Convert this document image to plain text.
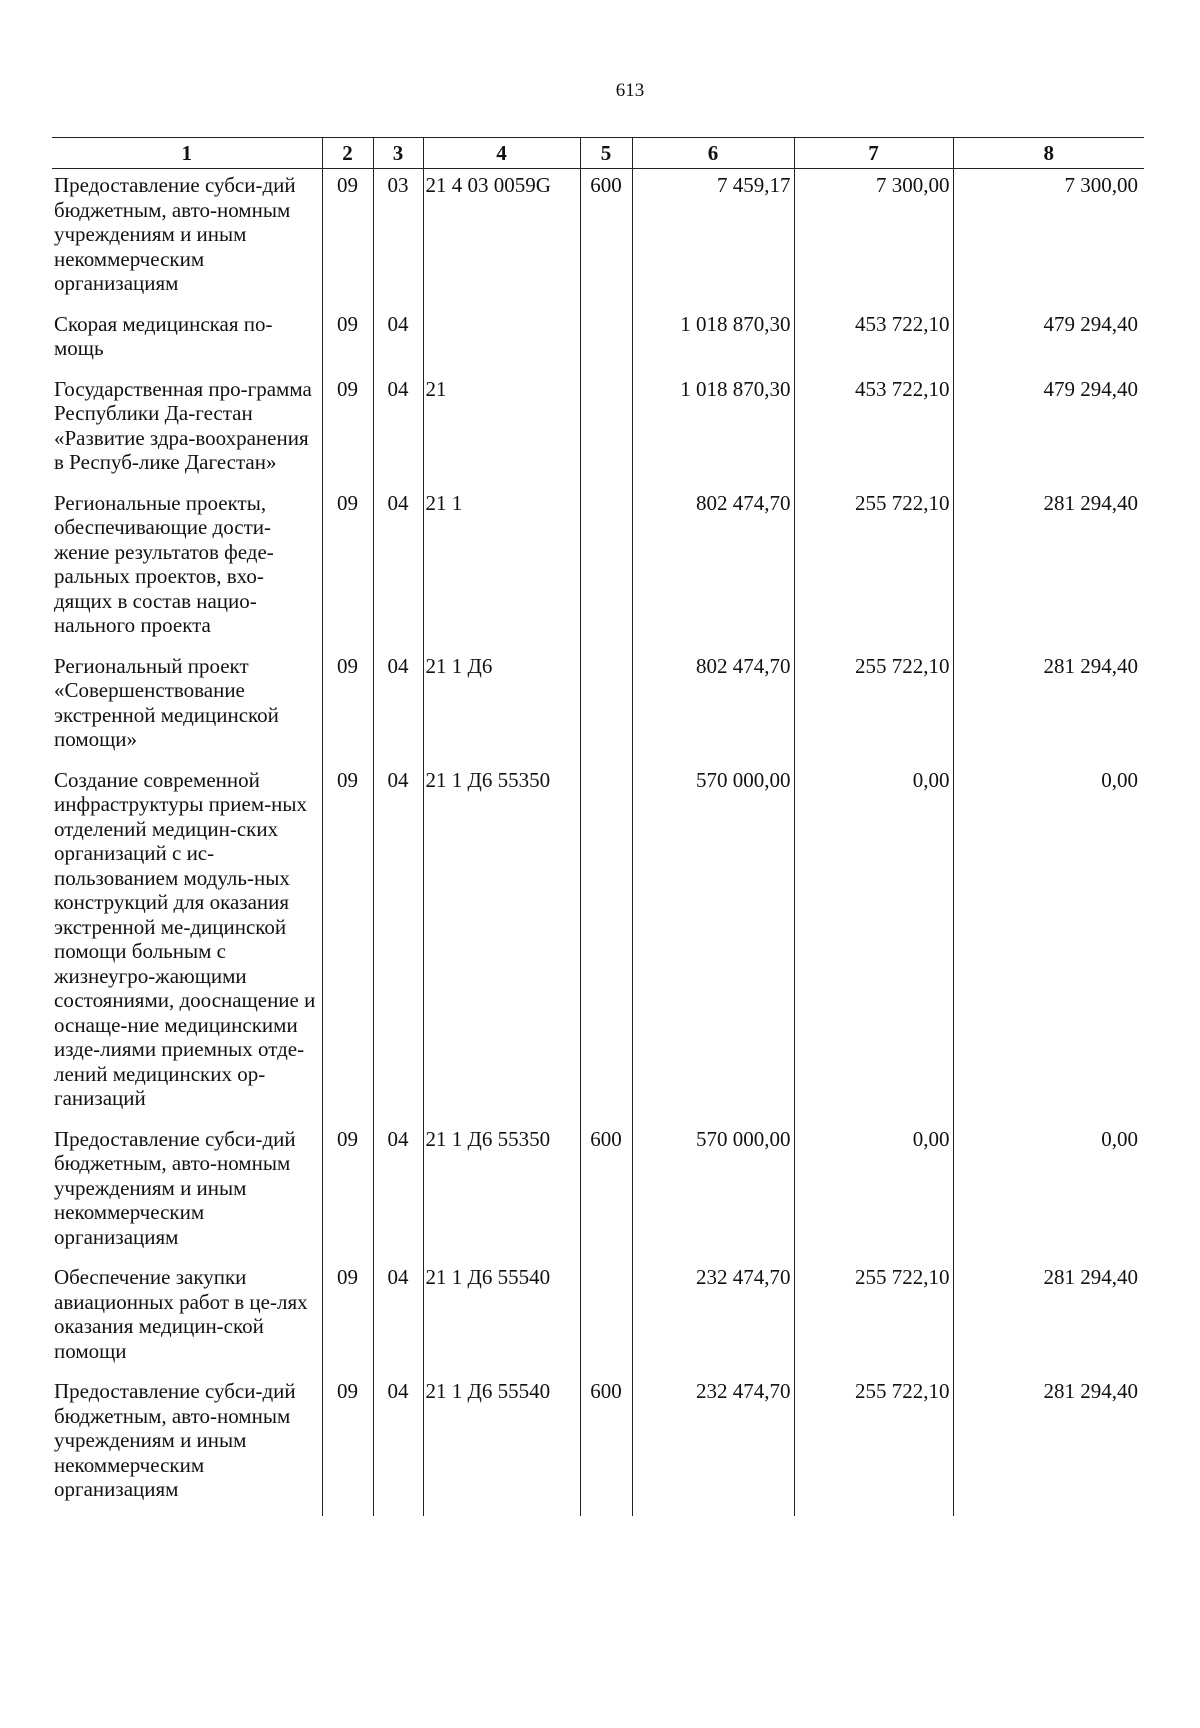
613
1	2	3	4	5	6	7	8
Предоставление субси-дий бюджетным, авто-номным учреждениям и иным некоммерческим организациям	09	03	21 4 03 0059G	600	7 459,17	7 300,00	7 300,00
Скорая медицинская по-мощь	09	04			1 018 870,30	453 722,10	479 294,40
Государственная про-грамма Республики Да-гестан «Развитие здра-воохранения в Респуб-лике Дагестан»	09	04	21		1 018 870,30	453 722,10	479 294,40
Региональные проекты, обеспечивающие дости-жение результатов феде-ральных проектов, вхо-дящих в состав нацио-нального проекта	09	04	21 1		802 474,70	255 722,10	281 294,40
Региональный проект «Совершенствование экстренной медицинской помощи»	09	04	21 1 Д6		802 474,70	255 722,10	281 294,40
Создание современной инфраструктуры прием-ных отделений медицин-ских организаций с ис-пользованием модуль-ных конструкций для оказания экстренной ме-дицинской помощи больным с жизнеугро-жающими состояниями, дооснащение и оснаще-ние медицинскими изде-лиями приемных отде-лений медицинских ор-ганизаций	09	04	21 1 Д6 55350		570 000,00	0,00	0,00
Предоставление субси-дий бюджетным, авто-номным учреждениям и иным некоммерческим организациям	09	04	21 1 Д6 55350	600	570 000,00	0,00	0,00
Обеспечение закупки авиационных работ в це-лях оказания медицин-ской помощи	09	04	21 1 Д6 55540		232 474,70	255 722,10	281 294,40
Предоставление субси-дий бюджетным, авто-номным учреждениям и иным некоммерческим организациям	09	04	21 1 Д6 55540	600	232 474,70	255 722,10	281 294,40
